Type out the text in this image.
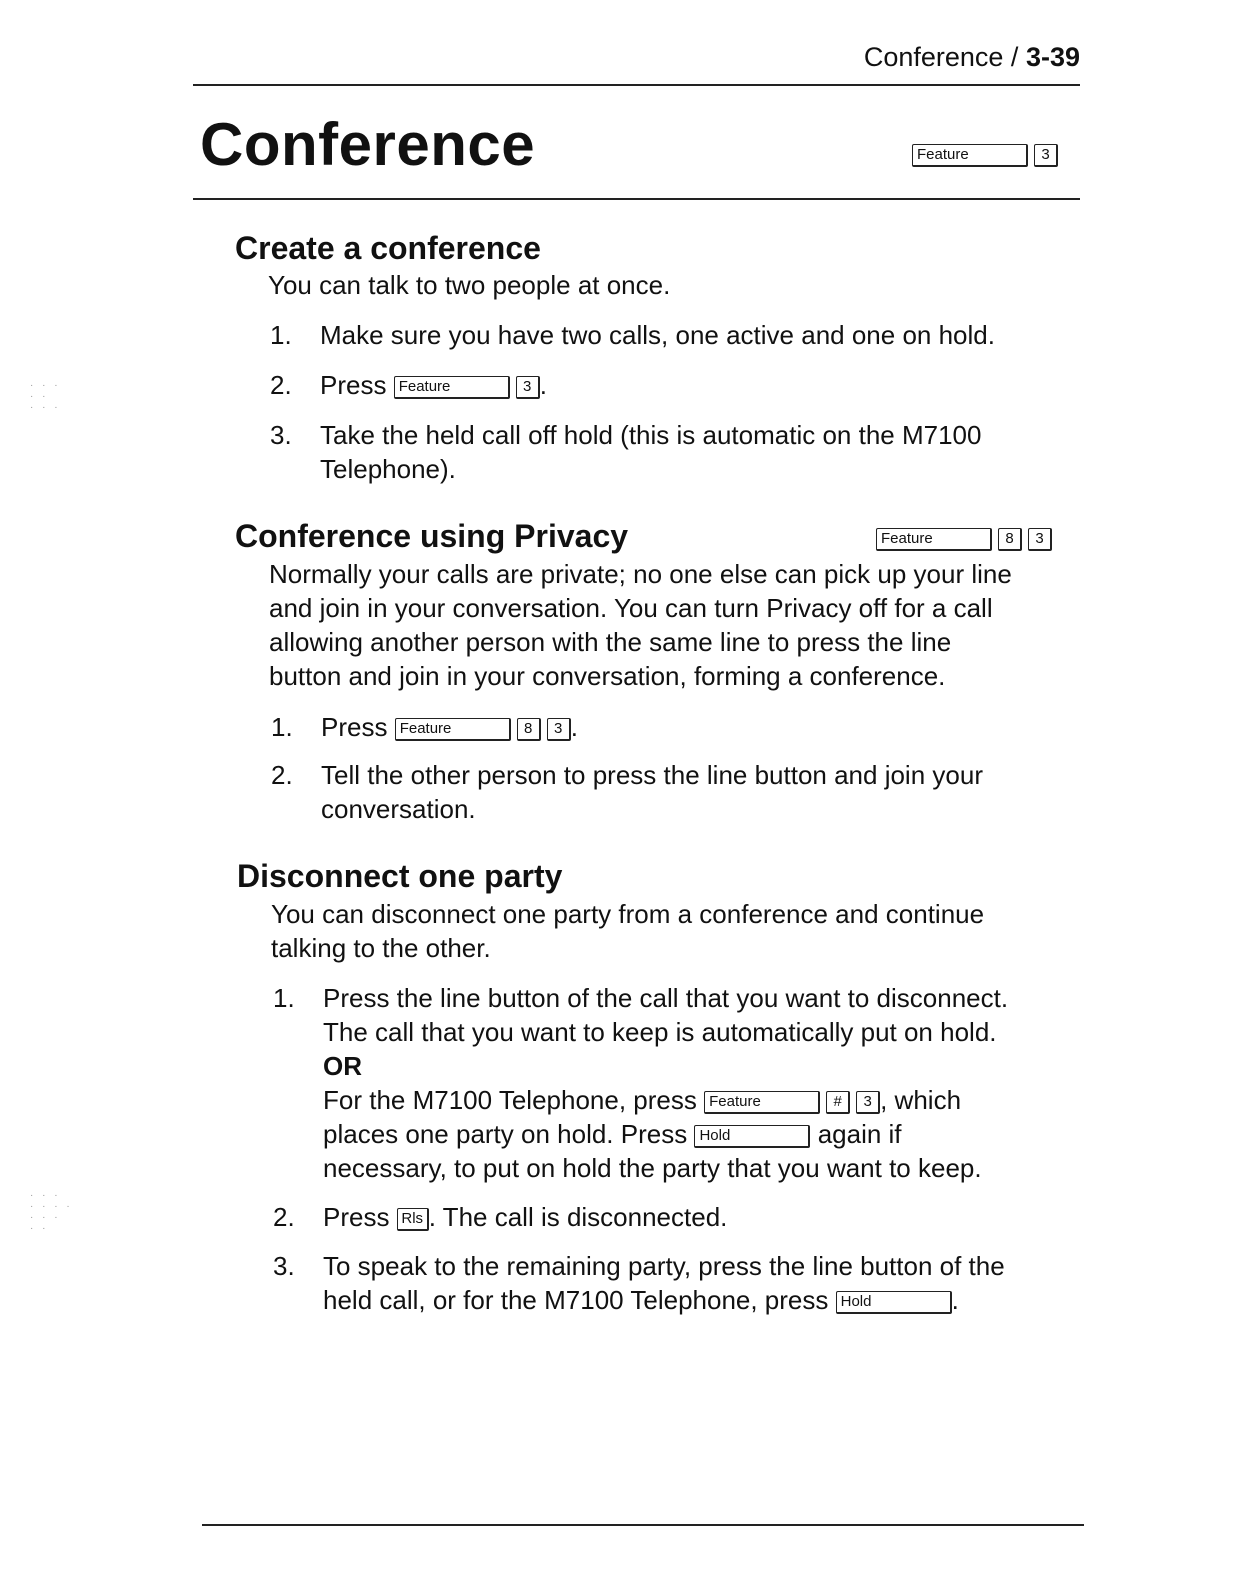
Conference / 3-39
Conference	Feature	3
Create a conference
You can talk to two people at once.
1.	Make sure you have two calls, one active and one on hold.
2.	Press Feature	3 .
3.	Take the held call off hold (this is automatic on the M7100
Telephone).
Conference using Privacy	Feature	8	3
Normally your calls are private; no one else can pick up your line
and join in your conversation. You can turn Privacy off for a call
allowing another person with the same line to press the line
button and join in your conversation, forming a conference.
1.	Press Feature	8	3 .
2.	Tell the other person to press the line button and join your
conversation.
Disconnect one party
You can disconnect one party from a conference and continue
talking to the other.
1.	Press the line button of the call that you want to disconnect.
The call that you want to keep is automatically put on hold.
OR
For the M7100 Telephone, press Feature	#	3 , which
places one party on hold. Press Hold	again if
necessary, to put on hold the party that you want to keep.
2.	Press Rls . The call is disconnected.
3.	To speak to the remaining party, press the line button of the
held call, or for the M7100 Telephone, press Hold	.
· · ·
· ·
· · ·
· · ·
· · · ·
· · ·
· ·
